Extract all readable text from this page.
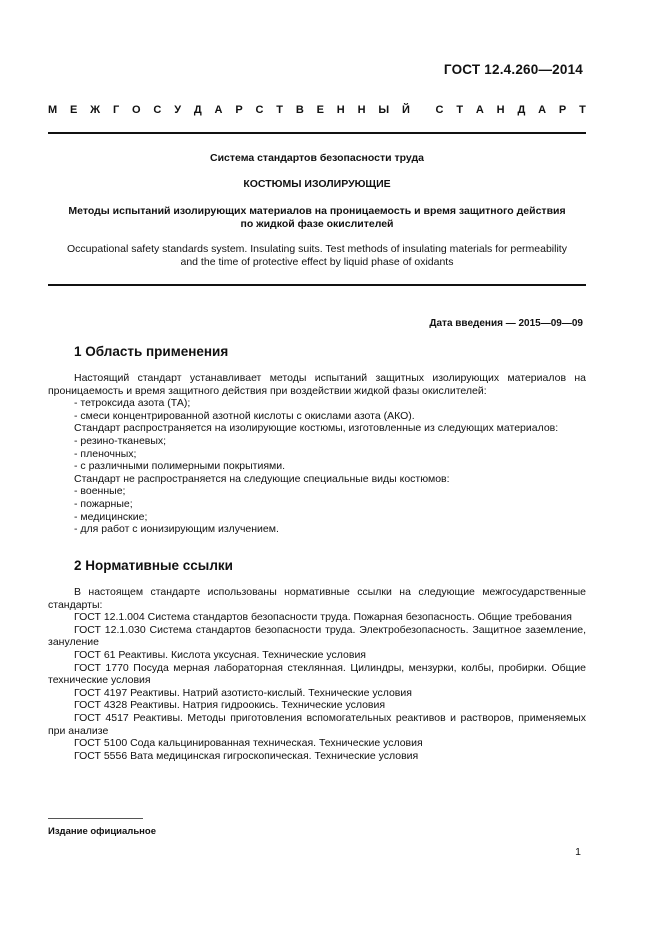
ГОСТ 12.4.260—2014
М Е Ж Г О С У Д А Р С Т В Е Н Н Ы Й С Т А Н Д А Р Т
Система стандартов безопасности труда
КОСТЮМЫ ИЗОЛИРУЮЩИЕ
Методы испытаний изолирующих материалов на проницаемость и время защитного действия
по жидкой фазе окислителей
Occupational safety standards system. Insulating suits. Test methods of insulating materials for permeability
and the time of protective effect by liquid phase of oxidants
Дата введения — 2015—09—09
1 Область применения

Настоящий стандарт устанавливает методы испытаний защитных изолирующих материалов на проницаемость и время защитного действия при воздействии жидкой фазы окислителей:

- тетроксида азота (ТА);

- смеси концентрированной азотной кислоты с окислами азота (АКО).

Стандарт распространяется на изолирующие костюмы, изготовленные из следующих материалов:

- резино-тканевых;

- пленочных;

- с различными полимерными покрытиями.

Стандарт не распространяется на следующие специальные виды костюмов:

- военные;

- пожарные;

- медицинские;

- для работ с ионизирующим излучением.

2 Нормативные ссылки

В настоящем стандарте использованы нормативные ссылки на следующие межгосударственные стандарты:

ГОСТ 12.1.004 Система стандартов безопасности труда. Пожарная безопасность. Общие требования

ГОСТ 12.1.030 Система стандартов безопасности труда. Электробезопасность. Защитное заземление, зануление

ГОСТ 61 Реактивы. Кислота уксусная. Технические условия

ГОСТ 1770 Посуда мерная лабораторная стеклянная. Цилиндры, мензурки, колбы, пробирки. Общие технические условия

ГОСТ 4197 Реактивы. Натрий азотисто-кислый. Технические условия

ГОСТ 4328 Реактивы. Натрия гидроокись. Технические условия

ГОСТ 4517 Реактивы. Методы приготовления вспомогательных реактивов и растворов, применяемых при анализе

ГОСТ 5100 Сода кальцинированная техническая. Технические условия

ГОСТ 5556 Вата медицинская гигроскопическая. Технические условия

Издание официальное
1
